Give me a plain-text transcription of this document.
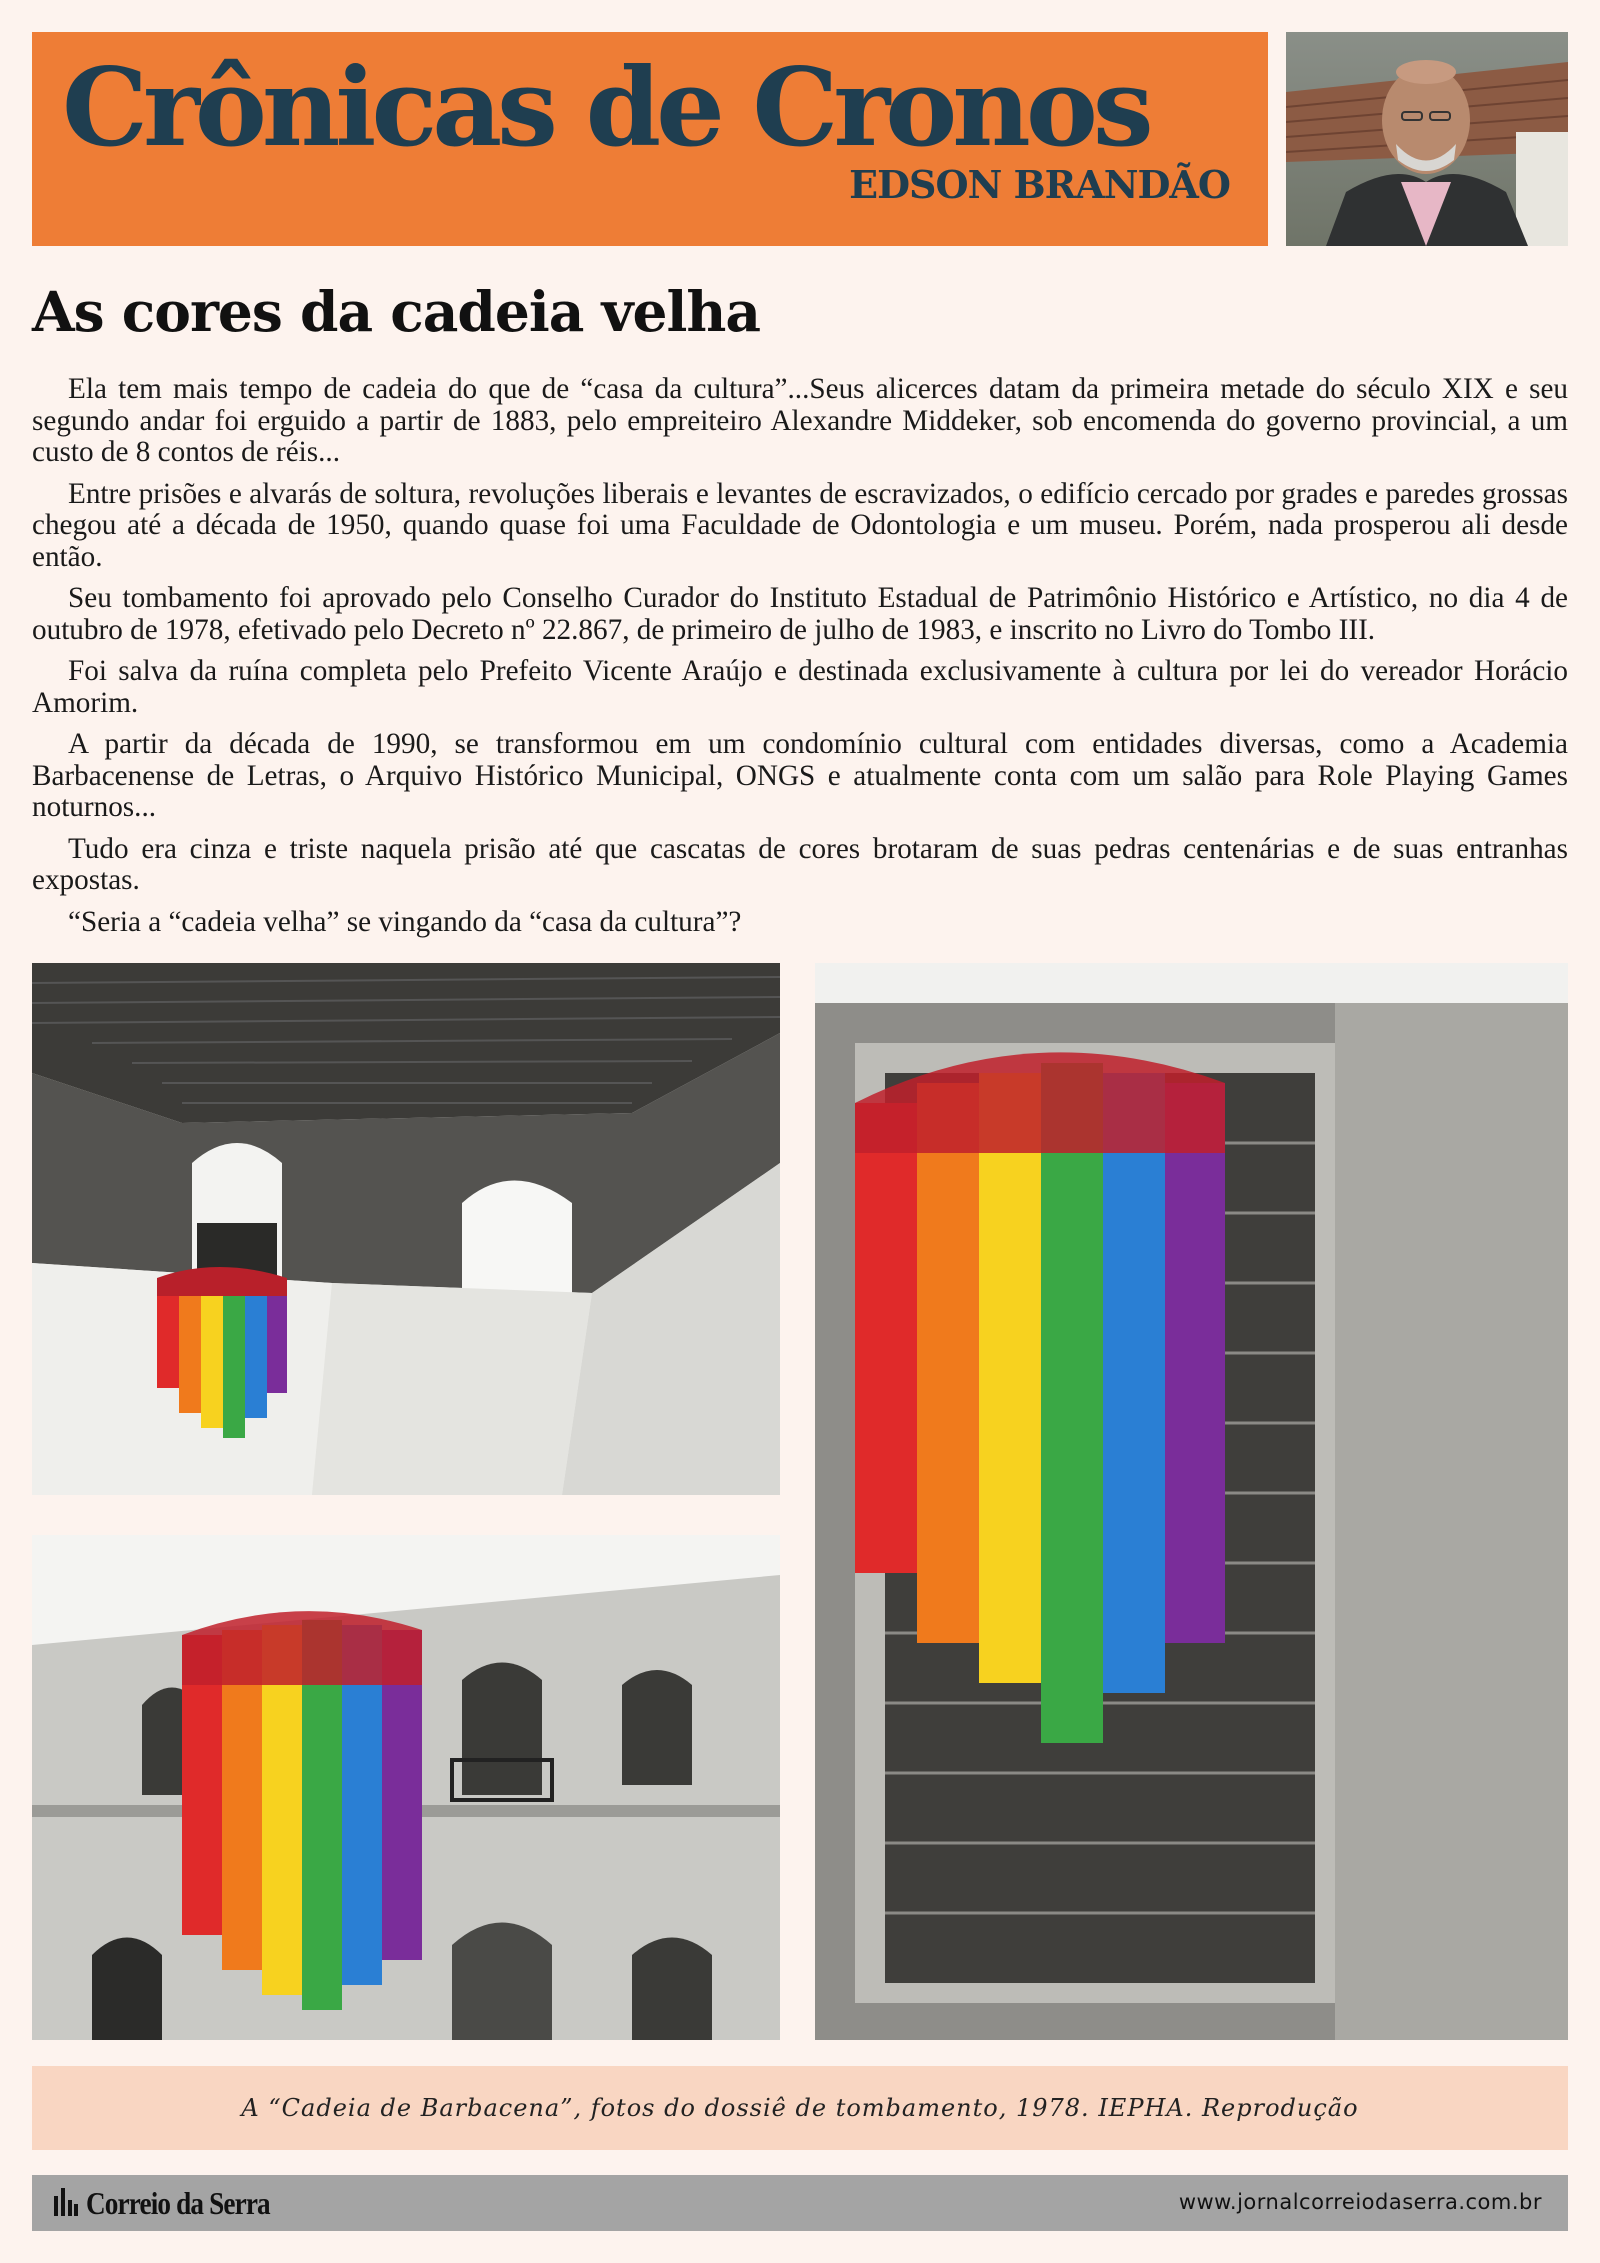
Crônicas de Cronos
EDSON BRANDÃO
As cores da cadeia velha

Ela tem mais tempo de cadeia do que de “casa da cultura”...Seus alicerces datam da primeira metade do século XIX e seu segundo andar foi erguido a partir de 1883, pelo empreiteiro Alexandre Middeker, sob encomenda do governo provincial, a um custo de 8 contos de réis...

Entre prisões e alvarás de soltura, revoluções liberais e levantes de escravizados, o edifício cercado por grades e paredes grossas chegou até a década de 1950, quando quase foi uma Faculdade de Odontologia e um museu. Porém, nada prosperou ali desde então.

Seu tombamento foi aprovado pelo Conselho Curador do Instituto Estadual de Patrimônio Histórico e Artístico, no dia 4 de outubro de 1978, efetivado pelo Decreto nº 22.867, de primeiro de julho de 1983, e inscrito no Livro do Tombo III.

Foi salva da ruína completa pelo Prefeito Vicente Araújo e destinada exclusivamente à cultura por lei do vereador Horácio Amorim.

A partir da década de 1990, se transformou em um condomínio cultural com entidades diversas, como a Academia Barbacenense de Letras, o Arquivo Histórico Municipal, ONGS e atualmente conta com um salão para Role Playing Games noturnos...

Tudo era cinza e triste naquela prisão até que cascatas de cores brotaram de suas pedras centenárias e de suas entranhas expostas.

“Seria a “cadeia velha” se vingando da “casa da cultura”?

A “Cadeia de Barbacena”, fotos do dossiê de tombamento, 1978. IEPHA. Reprodução
Correio da Serra	www.jornalcorreiodaserra.com.br
